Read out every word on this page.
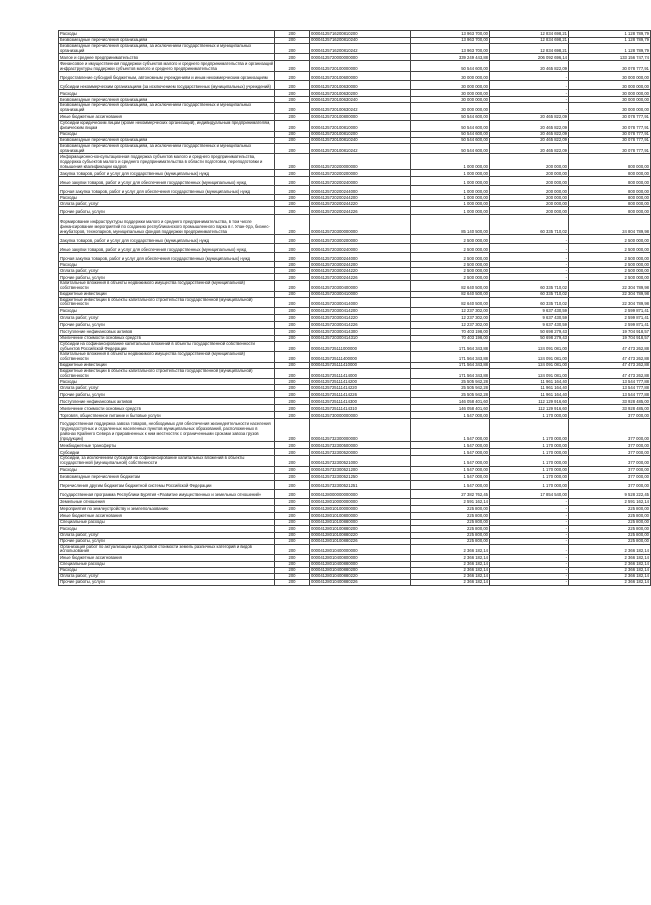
Расходы	200	00004125716200810200	13 963 700,00	12 834 698,21	1 128 789,79
Безвозмездные перечисления организациям	200	00004125716200810240	13 963 700,00	12 834 698,21	1 128 789,79
Безвозмездные перечисления организациям, за исключением государственных и муниципальных организаций	200	00004125716200810242	13 963 700,00	12 834 698,21	1 128 789,79
Малое и среднее предпринимательство	200	00004125720000000000	339 249 443,88	206 092 696,14	133 156 747,74
Финансовое и имущественная поддержки субъектов малого и среднего предпринимательства и организаций инфраструктуры поддержки субъектов малого и среднего предпринимательства	200	00004125720100000000	50 544 600,00	20 465 822,09	30 078 777,91
Предоставление субсидий бюджетным, автономным учреждениям и иным некоммерческим организациям	200	00004125720100600000	30 000 000,00	-	30 000 000,00
Субсидии некоммерческим организациям (за исключением государственных (муниципальных) учреждений)	200	00004125720100630000	30 000 000,00	-	30 000 000,00
Расходы	200	00004125720100630200	30 000 000,00	-	30 000 000,00
Безвозмездные перечисления организациям	200	00004125720100630240	30 000 000,00	-	30 000 000,00
Безвозмездные перечисления организациям, за исключением государственных и муниципальных организаций	200	00004125720100630242	30 000 000,00	-	30 000 000,00
Иные бюджетные ассигнования	200	00004125720100800000	50 544 600,00	20 465 822,09	30 078 777,91
Субсидии юридическим лицам (кроме некоммерческих организаций), индивидуальным предпринимателям, физическим лицам	200	00004125720100810000	50 544 600,00	20 465 822,09	30 078 777,91
Расходы	200	00004125720100810200	50 544 600,00	20 465 822,09	30 078 777,91
Безвозмездные перечисления организациям	200	00004125720100810240	50 544 600,00	20 465 822,09	30 078 777,91
Безвозмездные перечисления организациям, за исключением государственных и муниципальных организаций	200	00004125720100810242	50 544 600,00	20 465 822,09	30 078 777,91
Информационно-консультационная поддержка субъектов малого и среднего предпринимательства, поддержка субъектов малого и среднего предпринимательства в области подготовки, переподготовки и повышения квалификации кадров	200	00004125720200000000	1 000 000,00	200 000,00	800 000,00
Закупка товаров, работ и услуг для государственных (муниципальных) нужд	200	00004125720200200000	1 000 000,00	200 000,00	800 000,00
Иные закупки товаров, работ и услуг для обеспечения государственных (муниципальных) нужд	200	00004125720200240000	1 000 000,00	200 000,00	800 000,00
Прочая закупка товаров, работ и услуг для обеспечения государственных (муниципальных) нужд	200	00004125720200244000	1 000 000,00	200 000,00	800 000,00
Расходы	200	00004125720200244200	1 000 000,00	200 000,00	800 000,00
Оплата работ, услуг	200	00004125720200244220	1 000 000,00	200 000,00	800 000,00
Прочие работы, услуги	200	00004125720200244226	1 000 000,00	200 000,00	800 000,00
Формирование инфраструктуры поддержки малого и среднего предпринимательства, в том числе финансирование мероприятий по созданию республиканского промышленного парка в г. Улан-Удэ, бизнес-инкубаторов, технопарков, муниципальных фондов поддержки предпринимательства	200	00004125720300000000	85 140 500,00	60 335 710,02	24 804 789,98
Закупка товаров, работ и услуг для государственных (муниципальных) нужд	200	00004125720300200000	2 500 000,00	-	2 500 000,00
Иные закупки товаров, работ и услуг для обеспечения государственных (муниципальных) нужд	200	00004125720300240000	2 500 000,00	-	2 500 000,00
Прочая закупка товаров, работ и услуг для обеспечения государственных (муниципальных) нужд	200	00004125720300244000	2 500 000,00	-	2 500 000,00
Расходы	200	00004125720300244200	2 500 000,00	-	2 500 000,00
Оплата работ, услуг	200	00004125720300244220	2 500 000,00	-	2 500 000,00
Прочие работы, услуги	200	00004125720300244226	2 500 000,00	-	2 500 000,00
Капитальные вложения в объекты недвижимого имущества государственной (муниципальной) собственности	200	00004125720300400000	82 640 500,00	60 335 710,02	22 304 789,98
Бюджетные инвестиции	200	00004125720300410000	82 640 500,00	60 335 710,02	22 304 789,98
Бюджетные инвестиции в объекты капитального строительства государственной (муниципальной) собственности	200	00004125720300414000	82 640 500,00	60 335 710,02	22 304 789,98
Расходы	200	00004125720300414200	12 237 302,00	9 637 430,59	2 599 871,41
Оплата работ, услуг	200	00004125720300414220	12 237 302,00	9 637 430,59	2 599 871,41
Прочие работы, услуги	200	00004125720300414226	12 237 302,00	9 637 430,59	2 599 871,41
Поступление нефинансовых активов	200	00004125720300414300	70 403 198,00	50 698 279,43	19 704 918,57
Увеличение стоимости основных средств	200	00004125720300414310	70 403 198,00	50 698 279,43	19 704 918,57
Субсидии на софинансирование капитальных вложений в объекты государственной собственности субъектов Российской Федерации	200	00004125725111000000	171 564 343,88	124 091 081,00	47 473 262,88
Капитальные вложения в объекты недвижимого имущества государственной (муниципальной) собственности	200	00004125725111400000	171 564 343,88	124 091 081,00	47 473 262,88
Бюджетные инвестиции	200	00004125725111410000	171 564 343,88	124 091 081,00	47 473 262,88
Бюджетные инвестиции в объекты капитального строительства государственной (муниципальной) собственности	200	00004125725111414000	171 564 343,88	124 091 081,00	47 473 262,88
Расходы	200	00004125725111414200	25 505 942,28	11 961 164,40	13 544 777,88
Оплата работ, услуг	200	00004125725111414220	25 505 942,28	11 961 164,40	13 544 777,88
Прочие работы, услуги	200	00004125725111414226	25 505 942,28	11 961 164,40	13 544 777,88
Поступление нефинансовых активов	200	00004125725111414300	146 058 401,60	112 129 916,60	33 928 485,00
Увеличение стоимости основных средств	200	00004125725111414310	146 058 401,60	112 129 916,60	33 928 485,00
Торговля, общественное питание и бытовые услуги	200	00004125730000000000	1 547 000,00	1 170 000,00	377 000,00
Государственная поддержка завоза товаров, необходимых для обеспечения жизнедеятельности населения труднодоступных и отдаленных населенных пунктов муниципальных образований, расположенных в районах Крайнего Севера и приравненных к ним местностях с ограниченными сроками завоза грузов (продукции)	200	00004125732300000000	1 547 000,00	1 170 000,00	377 000,00
Межбюджетные трансферты	200	00004125732300500000	1 547 000,00	1 170 000,00	377 000,00
Субсидии	200	00004125732300520000	1 547 000,00	1 170 000,00	377 000,00
Субсидии, за исключением субсидий на софинансирование капитальных вложений в объекты государственной (муниципальной) собственности	200	00004125732300521000	1 547 000,00	1 170 000,00	377 000,00
Расходы	200	00004125732300521200	1 547 000,00	1 170 000,00	377 000,00
Безвозмездные перечисления бюджетам	200	00004125732300521250	1 547 000,00	1 170 000,00	377 000,00
Перечисления другим бюджетам бюджетной системы Российской Федерации	200	00004125732300521251	1 547 000,00	1 170 000,00	377 000,00
Государственная программа Республики Бурятия «Развитие имущественных и земельных отношений»	200	00004128000000000000	27 382 762,45	17 854 540,00	9 528 222,45
Земельные отношения	200	00004128010000000000	2 591 162,14	-	2 591 162,14
Мероприятия по землеустройству и землепользованию	200	00004128010100000000	225 800,00	-	225 800,00
Иные бюджетные ассигнования	200	00004128010100800000	225 800,00	-	225 800,00
Специальные расходы	200	00004128010100880000	225 800,00	-	225 800,00
Расходы	200	00004128010100880200	225 800,00	-	225 800,00
Оплата работ, услуг	200	00004128010100880220	225 800,00	-	225 800,00
Прочие работы, услуги	200	00004128010100880226	225 800,00	-	225 800,00
Организация работ по актуализации кадастровой стоимости земель различных категорий и видов использования	200	00004128010400000000	2 366 182,14	-	2 366 182,14
Иные бюджетные ассигнования	200	00004128010400800000	2 366 182,14	-	2 366 182,14
Специальные расходы	200	00004128010400880000	2 366 182,14	-	2 366 182,14
Расходы	200	00004128010400880200	2 366 182,14	-	2 366 182,14
Оплата работ, услуг	200	00004128010400880220	2 366 182,14	-	2 366 182,14
Прочие работы, услуги	200	00004128010400880226	2 366 182,14	-	2 366 182,14
